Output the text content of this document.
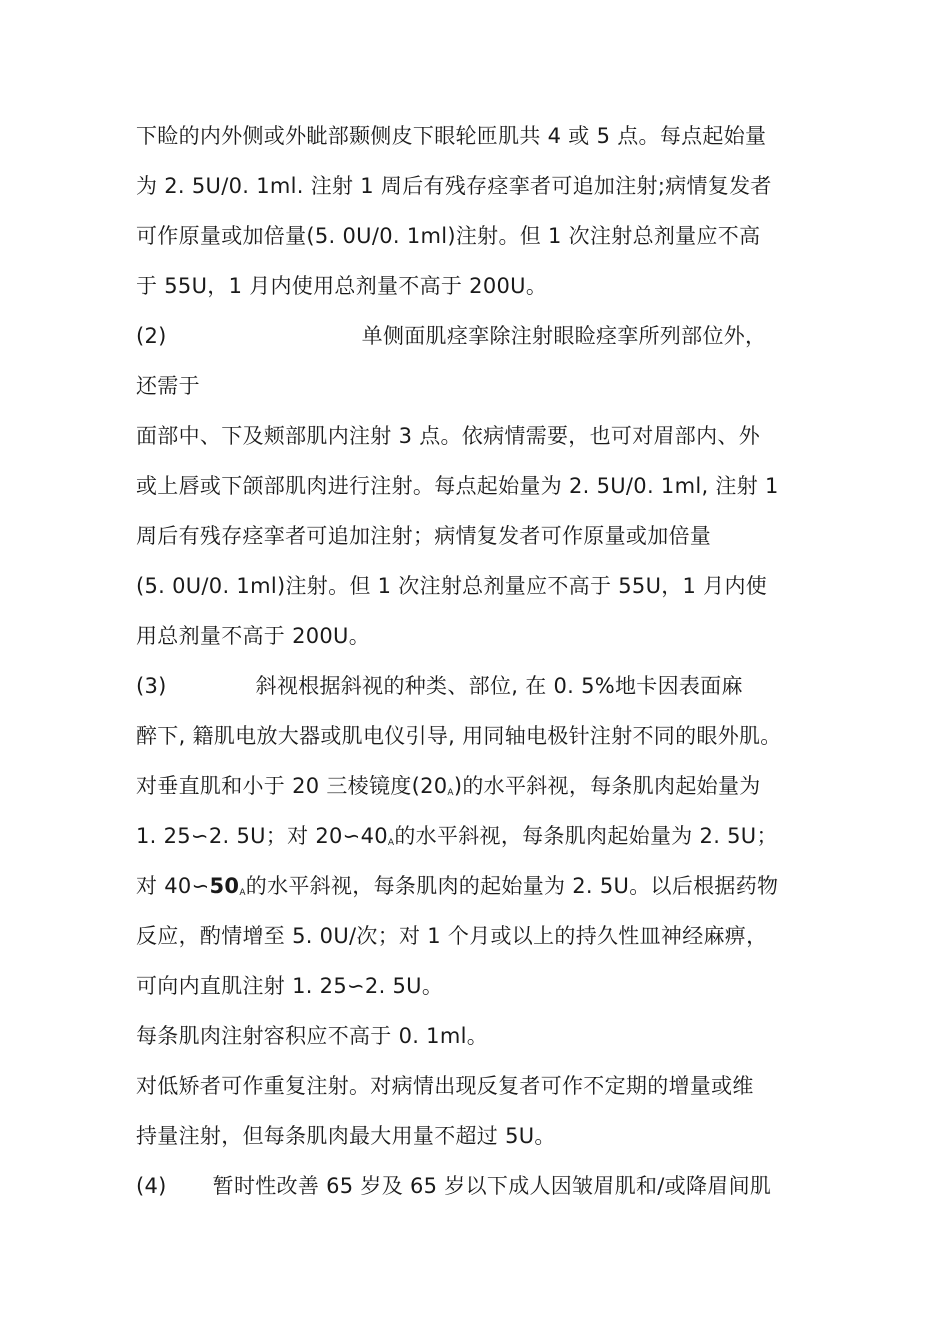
下睑的内外侧或外眦部颞侧皮下眼轮匝肌共 4 或 5 点。每点起始量
为 2. 5U/0. 1ml. 注射 1 周后有残存痉挛者可追加注射;病情复发者
可作原量或加倍量(5. 0U/0. 1ml)注射。但 1 次注射总剂量应不高
于 55U，1 月内使用总剂量不高于 200U。
(2)	单侧面肌痉挛除注射眼睑痉挛所列部位外，
还需于
面部中、下及颊部肌内注射 3 点。依病情需要，也可对眉部内、外
或上唇或下颌部肌肉进行注射。每点起始量为 2. 5U/0. 1ml, 注射 1
周后有残存痉挛者可追加注射；病情复发者可作原量或加倍量
(5. 0U/0. 1ml)注射。但 1 次注射总剂量应不高于 55U，1 月内使
用总剂量不高于 200U。
(3)	斜视根据斜视的种类、部位, 在 0. 5%地卡因表面麻
醉下, 籍肌电放大器或肌电仪引导, 用同轴电极针注射不同的眼外肌。
对垂直肌和小于 20 三棱镜度$(20_A)$的水平斜视，每条肌肉起始量为
1. 25∽2. 5U；对 $20∽40_A$的水平斜视，每条肌肉起始量为 2. 5U；
对 $40∽50_A$的水平斜视，每条肌肉的起始量为 2. 5U。以后根据药物
反应，酌情增至 5. 0U/次；对 1 个月或以上的持久性皿神经麻痹，
可向内直肌注射 1. 25∽2. 5U。
每条肌肉注射容积应不高于 0. 1ml。
对低矫者可作重复注射。对病情出现反复者可作不定期的增量或维
持量注射，但每条肌肉最大用量不超过 5U。
(4) 暂时性改善 65 岁及 65 岁以下成人因皱眉肌和/或降眉间肌
